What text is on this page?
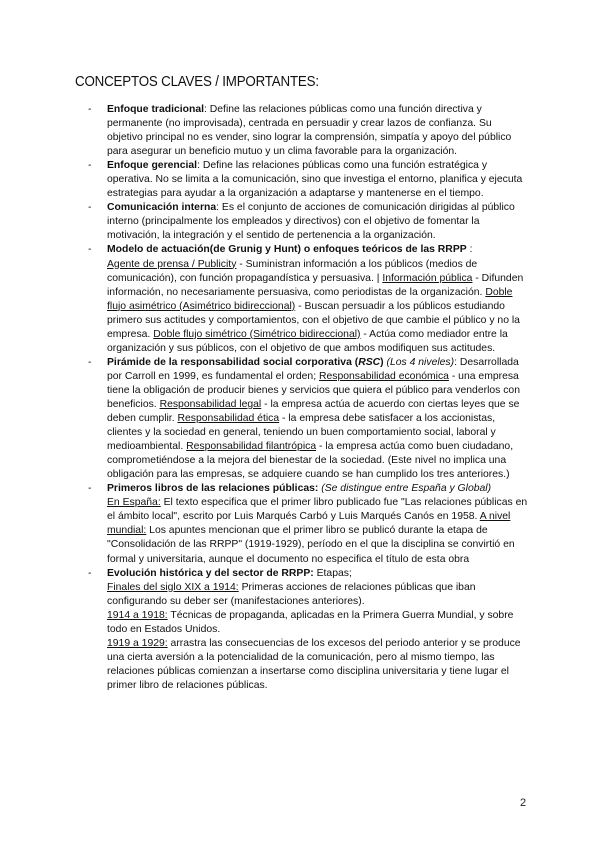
CONCEPTOS CLAVES / IMPORTANTES:
- Enfoque tradicional: Define las relaciones públicas como una función directiva y permanente (no improvisada), centrada en persuadir y crear lazos de confianza. Su objetivo principal no es vender, sino lograr la comprensión, simpatía y apoyo del público para asegurar un beneficio mutuo y un clima favorable para la organización.
- Enfoque gerencial: Define las relaciones públicas como una función estratégica y operativa. No se limita a la comunicación, sino que investiga el entorno, planifica y ejecuta estrategias para ayudar a la organización a adaptarse y mantenerse en el tiempo.
- Comunicación interna: Es el conjunto de acciones de comunicación dirigidas al público interno (principalmente los empleados y directivos) con el objetivo de fomentar la motivación, la integración y el sentido de pertenencia a la organización.
- Modelo de actuación(de Grunig y Hunt) o enfoques teóricos de las RRPP :
Agente de prensa / Publicity - Suministran información a los públicos (medios de comunicación), con función propagandística y persuasiva. | Información pública - Difunden información, no necesariamente persuasiva, como periodistas de la organización. Doble flujo asimétrico (Asimétrico bidireccional) - Buscan persuadir a los públicos estudiando primero sus actitudes y comportamientos, con el objetivo de que cambie el público y no la empresa. Doble flujo simétrico (Simétrico bidireccional) - Actúa como mediador entre la organización y sus públicos, con el objetivo de que ambos modifiquen sus actitudes.
- Pirámide de la responsabilidad social corporativa (RSC) (Los 4 niveles): Desarrollada por Carroll en 1999, es fundamental el orden; Responsabilidad económica - una empresa tiene la obligación de producir bienes y servicios que quiera el público para venderlos con beneficios. Responsabilidad legal - la empresa actúa de acuerdo con ciertas leyes que se deben cumplir. Responsabilidad ética - la empresa debe satisfacer a los accionistas, clientes y la sociedad en general, teniendo un buen comportamiento social, laboral y medioambiental. Responsabilidad filantrópica - la empresa actúa como buen ciudadano, comprometiéndose a la mejora del bienestar de la sociedad. (Este nivel no implica una obligación para las empresas, se adquiere cuando se han cumplido los tres anteriores.)
- Primeros libros de las relaciones públicas: (Se distingue entre España y Global)
En España: El texto especifica que el primer libro publicado fue "Las relaciones públicas en el ámbito local", escrito por Luis Marqués Carbó y Luis Marqués Canós en 1958. A nivel mundial: Los apuntes mencionan que el primer libro se publicó durante la etapa de "Consolidación de las RRPP" (1919-1929), período en el que la disciplina se convirtió en formal y universitaria, aunque el documento no especifica el título de esta obra
- Evolución histórica y del sector de RRPP: Etapas;
Finales del siglo XIX a 1914: Primeras acciones de relaciones públicas que iban configurando su deber ser (manifestaciones anteriores).
1914 a 1918: Técnicas de propaganda, aplicadas en la Primera Guerra Mundial, y sobre todo en Estados Unidos.
1919 a 1929: arrastra las consecuencias de los excesos del periodo anterior y se produce una cierta aversión a la potencialidad de la comunicación, pero al mismo tiempo, las relaciones públicas comienzan a insertarse como disciplina universitaria y tiene lugar el primer libro de relaciones públicas.
2
